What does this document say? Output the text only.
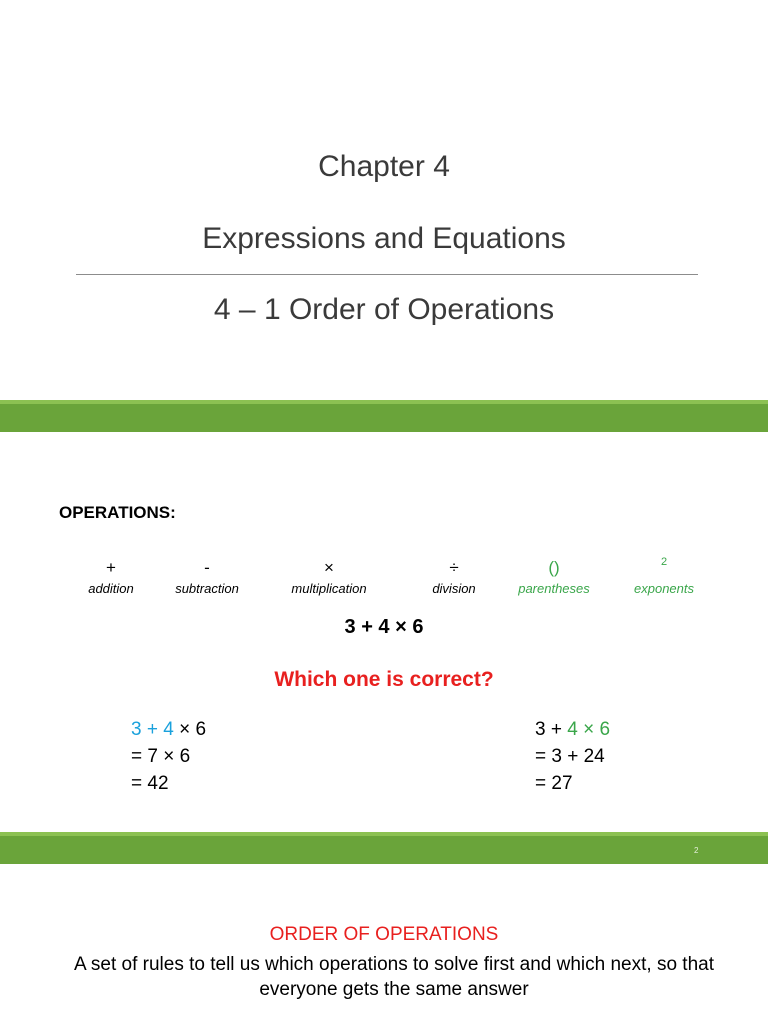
Chapter 4
Expressions and Equations
4 – 1 Order of Operations
OPERATIONS:
+
addition
-
subtraction
×
multiplication
÷
division
()
parentheses
2
exponents
3 + 4 × 6
Which one is correct?
3 + 4 × 6
= 7 × 6
= 42
3 + 4 × 6
= 3 + 24
= 27
2
ORDER OF OPERATIONS
A set of rules to tell us which operations to solve first and which next, so that everyone gets the same answer
